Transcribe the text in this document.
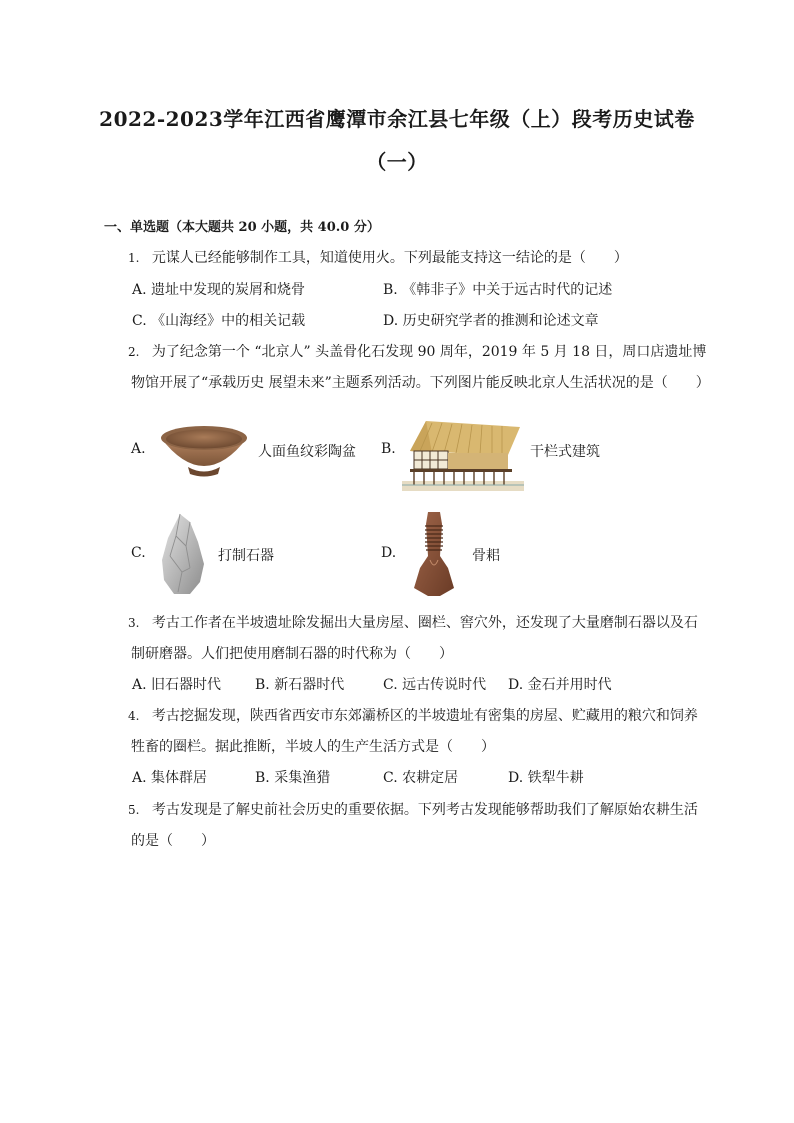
2022-2023学年江西省鹰潭市余江县七年级（上）段考历史试卷
（一）
一、单选题（本大题共 20 小题，共 40.0 分）
1. 元谋人已经能够制作工具，知道使用火。下列最能支持这一结论的是（　　）
A. 遗址中发现的炭屑和烧骨	B. 《韩非子》中关于远古时代的记述
C. 《山海经》中的相关记载	D. 历史研究学者的推测和论述文章
2. 为了纪念第一个 “北京人” 头盖骨化石发现 90 周年，2019 年 5 月 18 日，周口店遗址博
物馆开展了“承载历史 展望未来”主题系列活动。下列图片能反映北京人生活状况的是（　　）
A.	人面鱼纹彩陶盆 B.	干栏式建筑
C.	打制石器	D.	骨耜
3. 考古工作者在半坡遗址除发掘出大量房屋、圈栏、窖穴外，还发现了大量磨制石器以及石
制研磨器。人们把使用磨制石器的时代称为（　　）
A. 旧石器时代 B. 新石器时代	C. 远古传说时代 D. 金石并用时代
4. 考古挖掘发现，陕西省西安市东郊灞桥区的半坡遗址有密集的房屋、贮藏用的粮穴和饲养
牲畜的圈栏。据此推断，半坡人的生产生活方式是（　　）
A. 集体群居	B. 采集渔猎	C. 农耕定居	D. 铁犁牛耕
5. 考古发现是了解史前社会历史的重要依据。下列考古发现能够帮助我们了解原始农耕生活
的是（　　）
